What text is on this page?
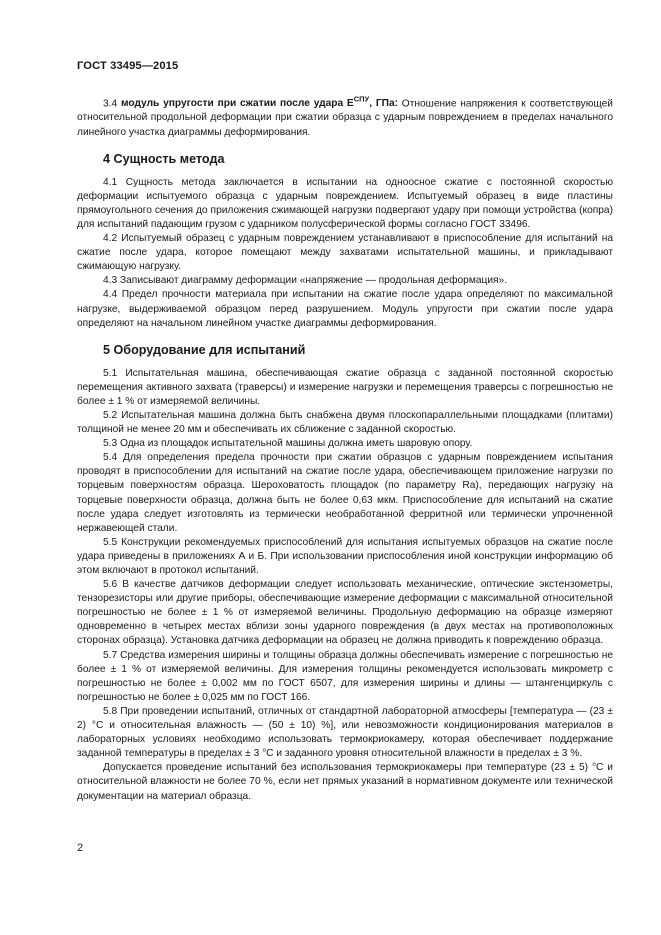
ГОСТ 33495—2015

3.4 модуль упругости при сжатии после удара $E^{СПУ}$, ГПа: Отношение напряжения к соответствующей относительной продольной деформации при сжатии образца с ударным повреждением в пределах начального линейного участка диаграммы деформирования.

4 Сущность метода

4.1 Сущность метода заключается в испытании на одноосное сжатие с постоянной скоростью деформации испытуемого образца с ударным повреждением. Испытуемый образец в виде пластины прямоугольного сечения до приложения сжимающей нагрузки подвергают удару при помощи устройства (копра) для испытаний падающим грузом с ударником полусферической формы согласно ГОСТ 33496.

4.2 Испытуемый образец с ударным повреждением устанавливают в приспособление для испытаний на сжатие после удара, которое помещают между захватами испытательной машины, и прикладывают сжимающую нагрузку.

4.3 Записывают диаграмму деформации «напряжение — продольная деформация».

4.4 Предел прочности материала при испытании на сжатие после удара определяют по максимальной нагрузке, выдерживаемой образцом перед разрушением. Модуль упругости при сжатии после удара определяют на начальном линейном участке диаграммы деформирования.

5 Оборудование для испытаний

5.1 Испытательная машина, обеспечивающая сжатие образца с заданной постоянной скоростью перемещения активного захвата (траверсы) и измерение нагрузки и перемещения траверсы с погрешностью не более ± 1 % от измеряемой величины.

5.2 Испытательная машина должна быть снабжена двумя плоскопараллельными площадками (плитами) толщиной не менее 20 мм и обеспечивать их сближение с заданной скоростью.

5.3 Одна из площадок испытательной машины должна иметь шаровую опору.

5.4 Для определения предела прочности при сжатии образцов с ударным повреждением испытания проводят в приспособлении для испытаний на сжатие после удара, обеспечивающем приложение нагрузки по торцевым поверхностям образца. Шероховатость площадок (по параметру Ra), передающих нагрузку на торцевые поверхности образца, должна быть не более 0,63 мкм. Приспособление для испытаний на сжатие после удара следует изготовлять из термически необработанной ферритной или термически упрочненной нержавеющей стали.

5.5 Конструкции рекомендуемых приспособлений для испытания испытуемых образцов на сжатие после удара приведены в приложениях А и Б. При использовании приспособления иной конструкции информацию об этом включают в протокол испытаний.

5.6 В качестве датчиков деформации следует использовать механические, оптические экстензометры, тензорезисторы или другие приборы, обеспечивающие измерение деформации с максимальной относительной погрешностью не более ± 1 % от измеряемой величины. Продольную деформацию на образце измеряют одновременно в четырех местах вблизи зоны ударного повреждения (в двух местах на противоположных сторонах образца). Установка датчика деформации на образец не должна приводить к повреждению образца.

5.7 Средства измерения ширины и толщины образца должны обеспечивать измерение с погрешностью не более ± 1 % от измеряемой величины. Для измерения толщины рекомендуется использовать микрометр с погрешностью не более ± 0,002 мм по ГОСТ 6507, для измерения ширины и длины — штангенциркуль с погрешностью не более ± 0,025 мм по ГОСТ 166.

5.8 При проведении испытаний, отличных от стандартной лабораторной атмосферы [температура — (23 ± 2) °С и относительная влажность — (50 ± 10) %], или невозможности кондиционирования материалов в лабораторных условиях необходимо использовать термокриокамеру, которая обеспечивает поддержание заданной температуры в пределах ± 3 °С и заданного уровня относительной влажности в пределах ± 3 %.

Допускается проведение испытаний без использования термокриокамеры при температуре (23 ± 5) °С и относительной влажности не более 70 %, если нет прямых указаний в нормативном документе или технической документации на материал образца.

2
